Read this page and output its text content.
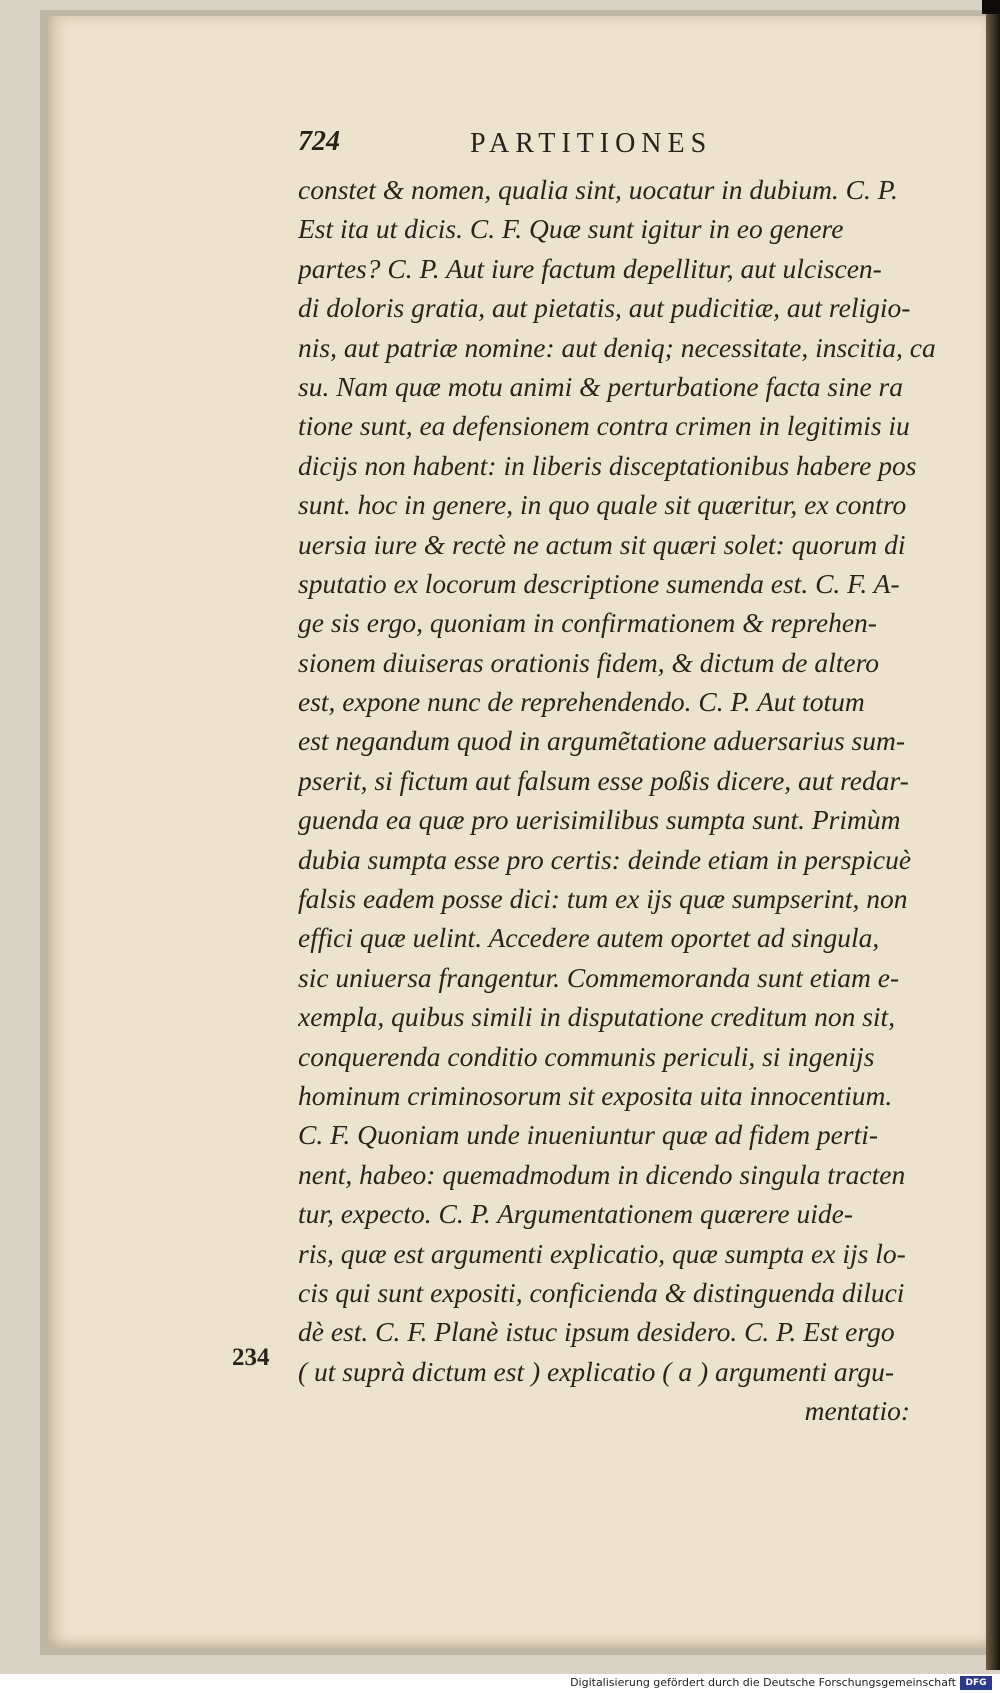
724	PARTITIONES
constet & nomen, qualia sint, uocatur in dubium. C. P.
Est ita ut dicis. C. F. Quæ sunt igitur in eo genere
partes? C. P. Aut iure factum depellitur, aut ulciscen-
di doloris gratia, aut pietatis, aut pudicitiæ, aut religio-
nis, aut patriæ nomine: aut deniq; necessitate, inscitia, ca
su. Nam quæ motu animi & perturbatione facta sine ra
tione sunt, ea defensionem contra crimen in legitimis iu
dicijs non habent: in liberis disceptationibus habere pos
sunt. hoc in genere, in quo quale sit quæritur, ex contro
uersia iure & rectè ne actum sit quæri solet: quorum di
sputatio ex locorum descriptione sumenda est. C. F. A-
ge sis ergo, quoniam in confirmationem & reprehen-
sionem diuiseras orationis fidem, & dictum de altero
est, expone nunc de reprehendendo. C. P. Aut totum
est negandum quod in argumẽtatione aduersarius sum-
pserit, si fictum aut falsum esse poßis dicere, aut redar-
guenda ea quæ pro uerisimilibus sumpta sunt. Primùm
dubia sumpta esse pro certis: deinde etiam in perspicuè
falsis eadem posse dici: tum ex ijs quæ sumpserint, non
effici quæ uelint. Accedere autem oportet ad singula,
sic uniuersa frangentur. Commemoranda sunt etiam e-
xempla, quibus simili in disputatione creditum non sit,
conquerenda conditio communis periculi, si ingenijs
hominum criminosorum sit exposita uita innocentium.
C. F. Quoniam unde inueniuntur quæ ad fidem perti-
nent, habeo: quemadmodum in dicendo singula tracten
tur, expecto. C. P. Argumentationem quærere uide-
ris, quæ est argumenti explicatio, quæ sumpta ex ijs lo-
cis qui sunt expositi, conficienda & distinguenda diluci
dè est. C. F. Planè istuc ipsum desidero. C. P. Est ergo
( ut suprà dictum est ) explicatio ( a ) argumenti argu-
mentatio:
234
Digitalisierung gefördert durch die Deutsche Forschungsgemeinschaft	DFG
